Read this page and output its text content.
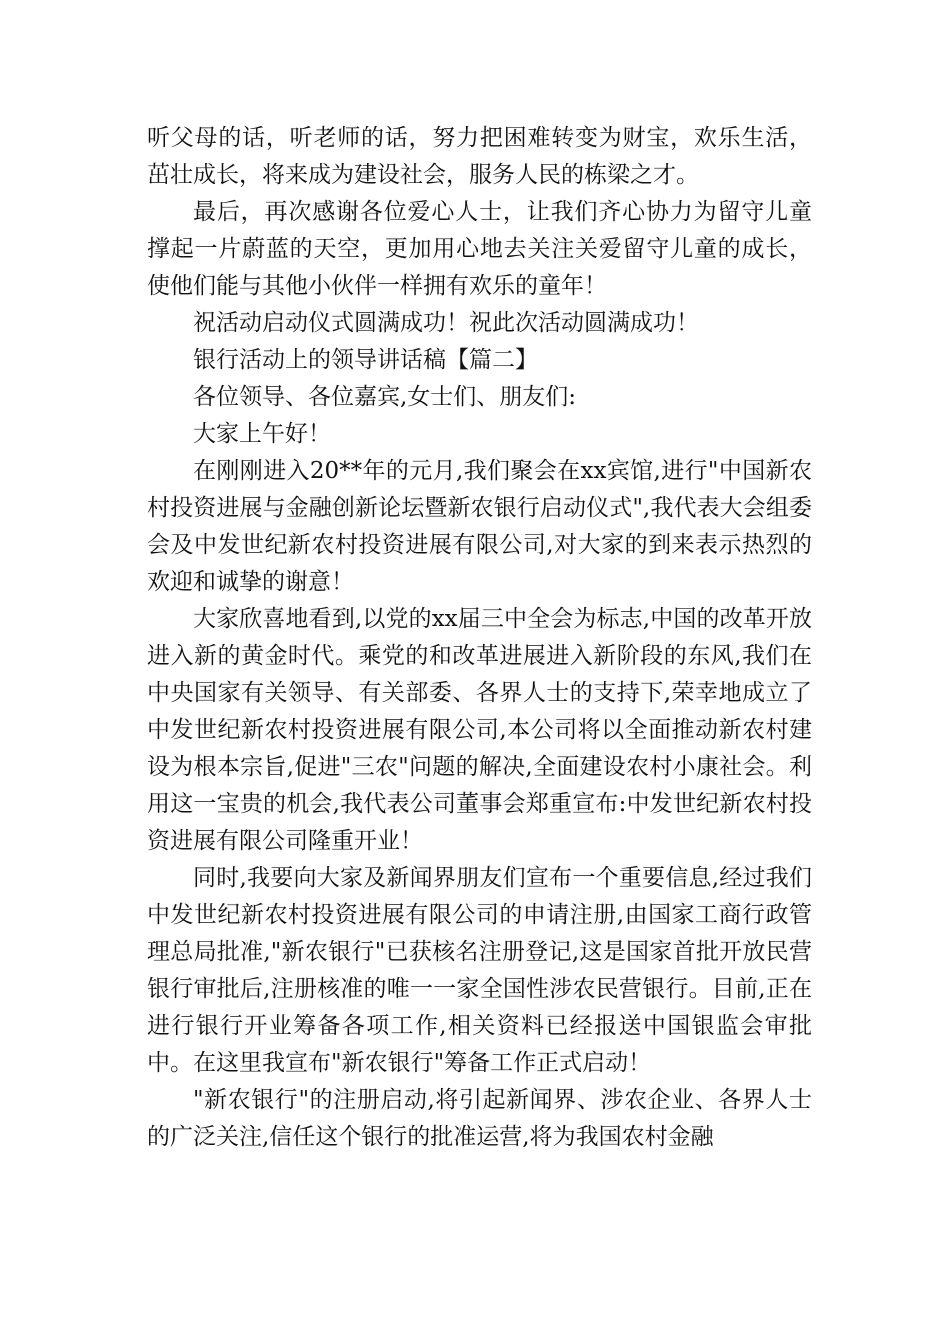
听父母的话，听老师的话，努力把困难转变为财宝，欢乐生活，茁壮成长，将来成为建设社会，服务人民的栋梁之才。

最后，再次感谢各位爱心人士，让我们齐心协力为留守儿童撑起一片蔚蓝的天空，更加用心地去关注关爱留守儿童的成长，使他们能与其他小伙伴一样拥有欢乐的童年！

祝活动启动仪式圆满成功！祝此次活动圆满成功！

银行活动上的领导讲话稿【篇二】

各位领导、各位嘉宾,女士们、朋友们:

大家上午好！

在刚刚进入20**年的元月,我们聚会在xx宾馆,进行"中国新农村投资进展与金融创新论坛暨新农银行启动仪式",我代表大会组委会及中发世纪新农村投资进展有限公司,对大家的到来表示热烈的欢迎和诚挚的谢意！

大家欣喜地看到,以党的xx届三中全会为标志,中国的改革开放进入新的黄金时代。乘党的和改革进展进入新阶段的东风,我们在中央国家有关领导、有关部委、各界人士的支持下,荣幸地成立了中发世纪新农村投资进展有限公司,本公司将以全面推动新农村建设为根本宗旨,促进"三农"问题的解决,全面建设农村小康社会。利用这一宝贵的机会,我代表公司董事会郑重宣布:中发世纪新农村投资进展有限公司隆重开业！

同时,我要向大家及新闻界朋友们宣布一个重要信息,经过我们中发世纪新农村投资进展有限公司的申请注册,由国家工商行政管理总局批准,"新农银行"已获核名注册登记,这是国家首批开放民营银行审批后,注册核准的唯一一家全国性涉农民营银行。目前,正在进行银行开业筹备各项工作,相关资料已经报送中国银监会审批中。在这里我宣布"新农银行"筹备工作正式启动！

"新农银行"的注册启动,将引起新闻界、涉农企业、各界人士的广泛关注,信任这个银行的批准运营,将为我国农村金融
